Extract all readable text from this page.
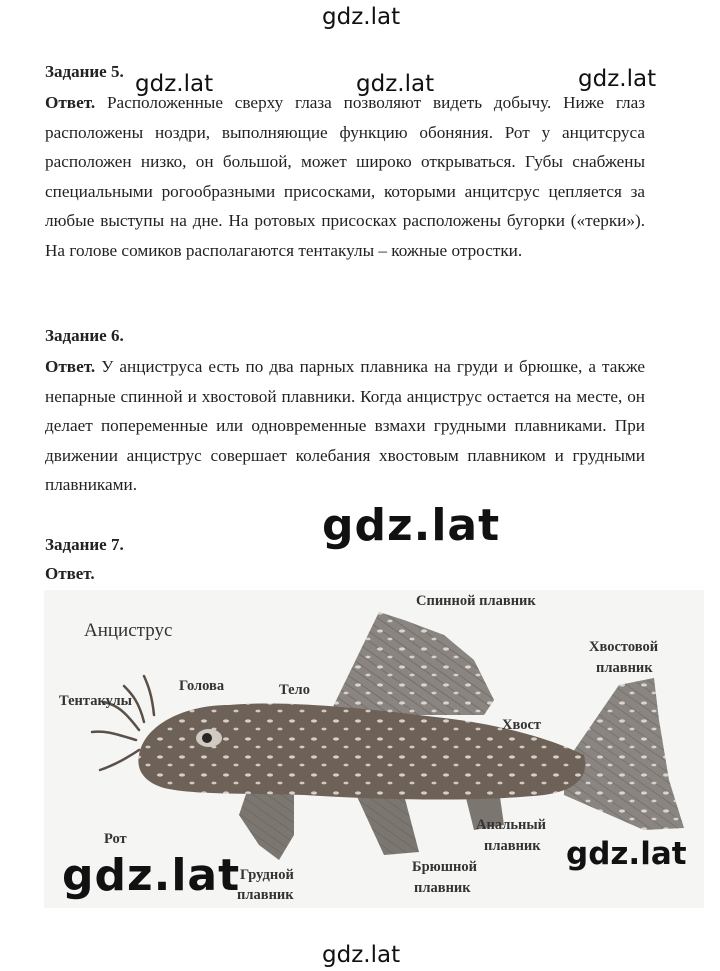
gdz.lat
gdz.lat	gdz.lat	gdz.lat
gdz.lat
Задание 5.

Ответ. Расположенные сверху глаза позволяют видеть добычу. Ниже глаз расположены ноздри, выполняющие функцию обоняния. Рот у анцитсруса расположен низко, он большой, может широко открываться. Губы снабжены специальными рогообразными присосками, которыми анцитсрус цепляется за любые выступы на дне. На ротовых присосках расположены бугорки («терки»). На голове сомиков располагаются тентакулы – кожные отростки.

Задание 6.

Ответ. У анциструса есть по два парных плавника на груди и брюшке, а также непарные спинной и хвостовой плавники. Когда анциструс остается на месте, он делает попеременные или одновременные взмахи грудными плавниками. При движении анциструс совершает колебания хвостовым плавником и грудными плавниками.

Задание 7.
Ответ.
Анциструс
Спинной плавник
Хвостовой
плавник
Голова	Тело
Тентакулы
Хвост
Рот
Анальный
плавник
Грудной
плавник
Брюшной
плавник
gdz.lat	gdz.lat
gdz.lat
